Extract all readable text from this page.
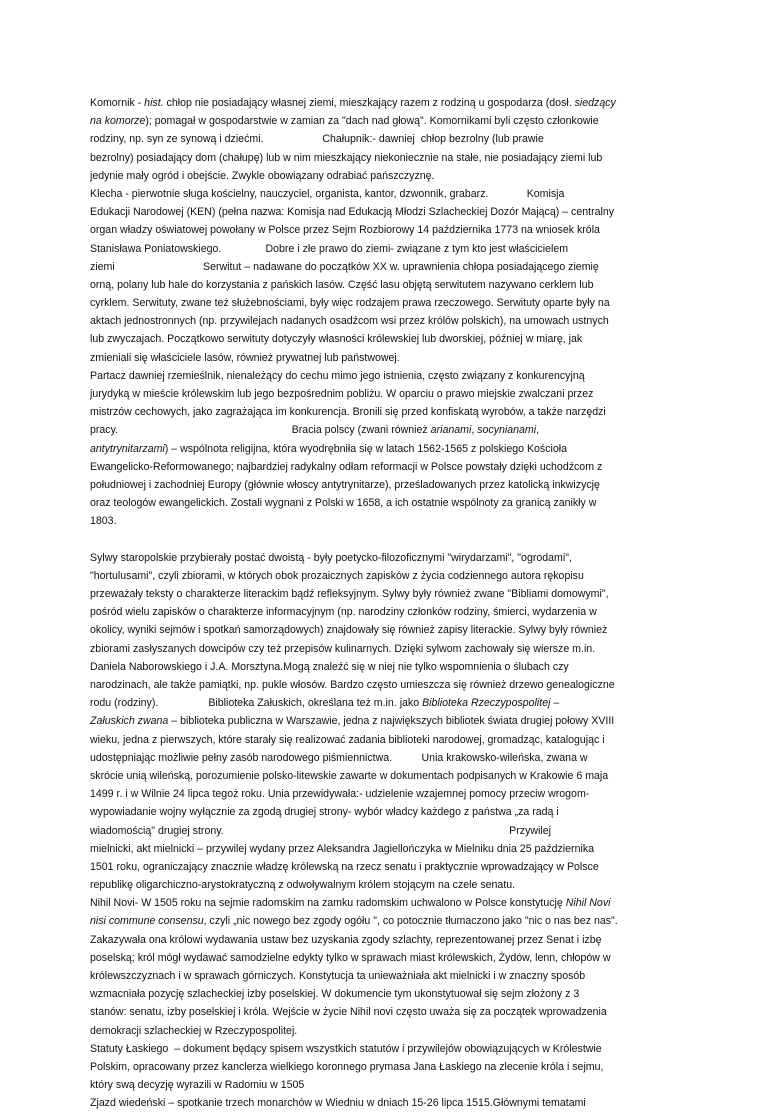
Komornik - hist. chłop nie posiadający własnej ziemi, mieszkający razem z rodziną u gospodarza (dosł. siedzący
na komorze); pomagał w gospodarstwie w zamian za "dach nad głową". Komornikami byli często członkowie
rodziny, np. syn ze synową i dziećmi.                    Chałupnik:- dawniej  chłop bezrolny (lub prawie
bezrolny) posiadający dom (chałupę) lub w nim mieszkający niekoniecznie na stałe, nie posiadający ziemi lub
jedynie mały ogród i obejście. Zwykle obowiązany odrabiać pańszczyznę.
Klecha - pierwotnie sługa kościelny, nauczyciel, organista, kantor, dzwonnik, grabarz.             Komisja
Edukacji Narodowej (KEN) (pełna nazwa: Komisja nad Edukacją Młodzi Szlacheckiej Dozór Mającą) – centralny
organ władzy oświatowej powołany w Polsce przez Sejm Rozbiorowy 14 października 1773 na wniosek króla
Stanisława Poniatowskiego.               Dobre i złe prawo do ziemi- związane z tym kto jest właścicielem
ziemi                              Serwitut – nadawane do początków XX w. uprawnienia chłopa posiadającego ziemię
orną, polany lub hale do korzystania z pańskich lasów. Część lasu objętą serwitutem nazywano cerklem lub
cyrklem. Serwituty, zwane też służebnościami, były więc rodzajem prawa rzeczowego. Serwituty oparte były na
aktach jednostronnych (np. przywilejach nadanych osadźcom wsi przez królów polskich), na umowach ustnych
lub zwyczajach. Początkowo serwituty dotyczyły własności królewskiej lub dworskiej, później w miarę, jak
zmieniali się właściciele lasów, również prywatnej lub państwowej.
Partacz dawniej rzemieślnik, nienależący do cechu mimo jego istnienia, często związany z konkurencyjną
jurydyką w mieście królewskim lub jego bezpośrednim pobliżu. W oparciu o prawo miejskie zwalczani przez
mistrzów cechowych, jako zagrażająca im konkurencja. Bronili się przed konfiskatą wyrobów, a także narzędzi
pracy.                                                           Bracia polscy (zwani również arianami, socynianami,
antytrynitarzami) – wspólnota religijna, która wyodrębniła się w latach 1562-1565 z polskiego Kościoła
Ewangelicko-Reformowanego; najbardziej radykalny odłam reformacji w Polsce powstały dzięki uchodźcom z
południowej i zachodniej Europy (głównie włoscy antytrynitarze), prześladowanych przez katolicką inkwizycję
oraz teologów ewangelickich. Zostali wygnani z Polski w 1658, a ich ostatnie wspólnoty za granicą zanikły w
1803.
Sylwy staropolskie przybierały postać dwoistą - były poetycko-filozoficznymi "wirydarzami", "ogrodami",
"hortulusami", czyli zbiorami, w których obok prozaicznych zapisków z życia codziennego autora rękopisu
przeważały teksty o charakterze literackim bądź refleksyjnym. Sylwy były również zwane "Bibliami domowymi",
pośród wielu zapisków o charakterze informacyjnym (np. narodziny członków rodziny, śmierci, wydarzenia w
okolicy, wyniki sejmów i spotkań samorządowych) znajdowały się również zapisy literackie. Sylwy były również
zbiorami zasłyszanych dowcipów czy też przepisów kulinarnych. Dzięki sylwom zachowały się wiersze m.in.
Daniela Naborowskiego i J.A. Morsztyna.Mogą znaleźć się w niej nie tylko wspomnienia o ślubach czy
narodzinach, ale także pamiątki, np. pukle włosów. Bardzo często umieszcza się również drzewo genealogiczne
rodu (rodziny).                 Biblioteka Załuskich, określana też m.in. jako Biblioteka Rzeczypospolitej –
Załuskich zwana – biblioteka publiczna w Warszawie, jedna z największych bibliotek świata drugiej połowy XVIII
wieku, jedna z pierwszych, które starały się realizować zadania biblioteki narodowej, gromadząc, katalogując i
udostępniając możliwie pełny zasób narodowego piśmiennictwa.          Unia krakowsko-wileńska, zwana w
skrócie unią wileńską, porozumienie polsko-litewskie zawarte w dokumentach podpisanych w Krakowie 6 maja
1499 r. i w Wilnie 24 lipca tegoż roku. Unia przewidywała:- udzielenie wzajemnej pomocy przeciw wrogom-
wypowiadanie wojny wyłącznie za zgodą drugiej strony- wybór władcy każdego z państwa „za radą i
wiadomością" drugiej strony.                                                                                                 Przywilej
mielnicki, akt mielnicki – przywilej wydany przez Aleksandra Jagiellończyka w Mielniku dnia 25 października
1501 roku, ograniczający znacznie władzę królewską na rzecz senatu i praktycznie wprowadzający w Polsce
republikę oligarchiczno-arystokratyczną z odwoływalnym królem stojącym na czele senatu.
Nihil Novi- W 1505 roku na sejmie radomskim na zamku radomskim uchwalono w Polsce konstytucję Nihil Novi
nisi commune consensu, czyli „nic nowego bez zgody ogółu ", co potocznie tłumaczono jako "nic o nas bez nas".
Zakazywała ona królowi wydawania ustaw bez uzyskania zgody szlachty, reprezentowanej przez Senat i izbę
poselską; król mógł wydawać samodzielne edykty tylko w sprawach miast królewskich, Żydów, lenn, chłopów w
królewszczyznach i w sprawach górniczych. Konstytucja ta unieważniała akt mielnicki i w znaczny sposób
wzmacniała pozycję szlacheckiej izby poselskiej. W dokumencie tym ukonstytuował się sejm złożony z 3
stanów: senatu, izby poselskiej i króla. Wejście w życie Nihil novi często uważa się za początek wprowadzenia
demokracji szlacheckiej w Rzeczypospolitej.
Statuty Łaskiego  – dokument będący spisem wszystkich statutów i przywilejów obowiązujących w Królestwie
Polskim, opracowany przez kanclerza wielkiego koronnego prymasa Jana Łaskiego na zlecenie króla i sejmu,
który swą decyzję wyrazili w Radomiu w 1505
Zjazd wiedeński – spotkanie trzech monarchów w Wiedniu w dniach 15-26 lipca 1515.Głównymi tematami
